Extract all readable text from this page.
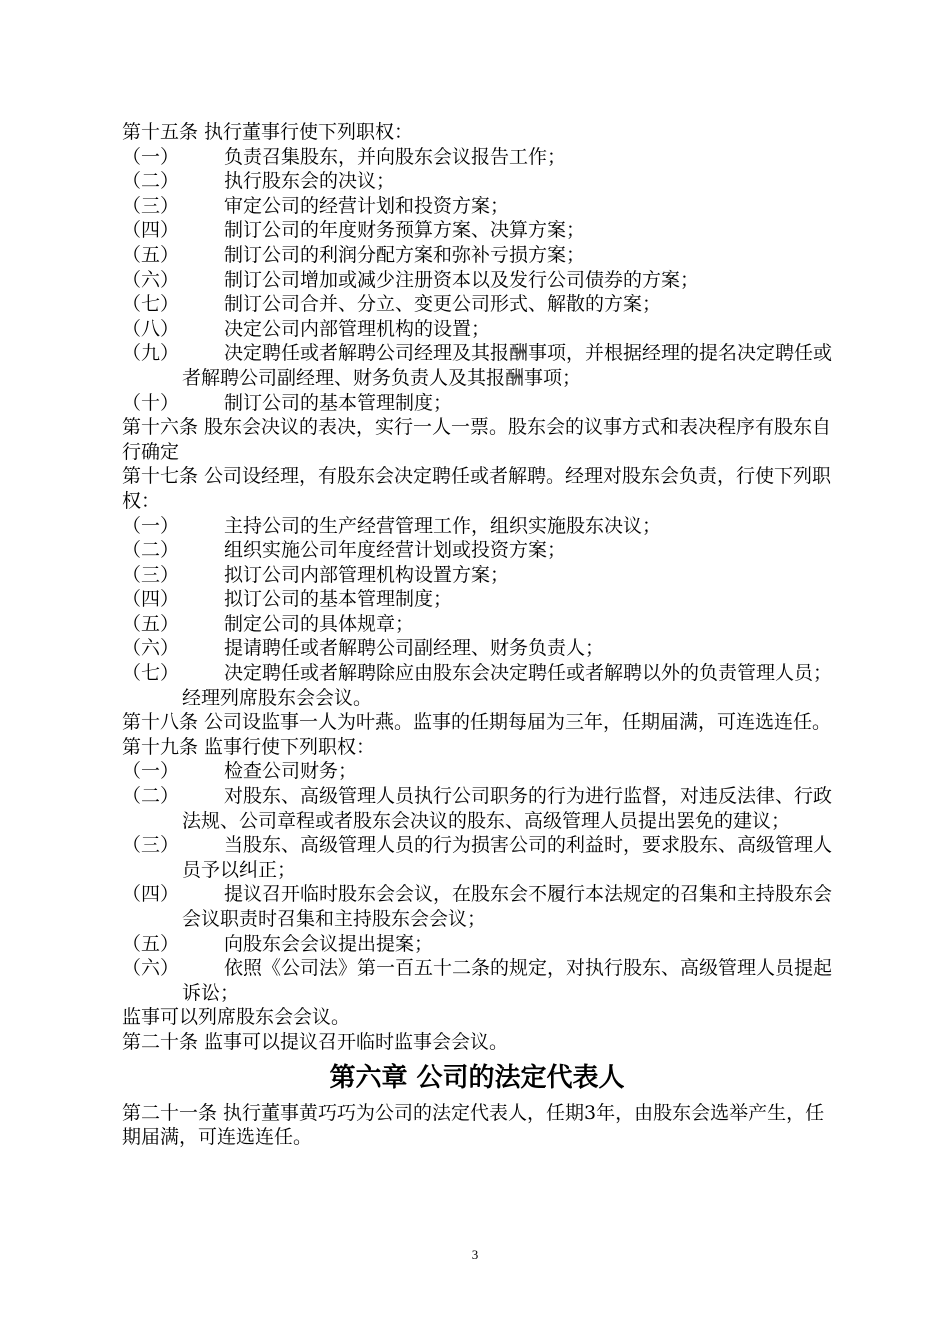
第十五条 执行董事行使下列职权：
（一）	负责召集股东，并向股东会议报告工作；
（二）	执行股东会的决议；
（三）	审定公司的经营计划和投资方案；
（四）	制订公司的年度财务预算方案、决算方案；
（五）	制订公司的利润分配方案和弥补亏损方案；
（六）	制订公司增加或减少注册资本以及发行公司债券的方案；
（七）	制订公司合并、分立、变更公司形式、解散的方案；
（八）	决定公司内部管理机构的设置；
（九）	决定聘任或者解聘公司经理及其报酬事项，并根据经理的提名决定聘任或者解聘公司副经理、财务负责人及其报酬事项；
（十）	制订公司的基本管理制度；
第十六条 股东会决议的表决，实行一人一票。股东会的议事方式和表决程序有股东自行确定
第十七条 公司设经理，有股东会决定聘任或者解聘。经理对股东会负责，行使下列职权：
（一）	主持公司的生产经营管理工作，组织实施股东决议；
（二）	组织实施公司年度经营计划或投资方案；
（三）	拟订公司内部管理机构设置方案；
（四）	拟订公司的基本管理制度；
（五）	制定公司的具体规章；
（六）	提请聘任或者解聘公司副经理、财务负责人；
（七）	决定聘任或者解聘除应由股东会决定聘任或者解聘以外的负责管理人员；经理列席股东会会议。
第十八条 公司设监事一人为叶燕。监事的任期每届为三年，任期届满，可连选连任。
第十九条 监事行使下列职权：
（一）	检查公司财务；
（二）	对股东、高级管理人员执行公司职务的行为进行监督，对违反法律、行政法规、公司章程或者股东会决议的股东、高级管理人员提出罢免的建议；
（三）	当股东、高级管理人员的行为损害公司的利益时，要求股东、高级管理人员予以纠正；
（四）	提议召开临时股东会会议，在股东会不履行本法规定的召集和主持股东会会议职责时召集和主持股东会会议；
（五）	向股东会会议提出提案；
（六）	依照《公司法》第一百五十二条的规定，对执行股东、高级管理人员提起诉讼；
监事可以列席股东会会议。
第二十条 监事可以提议召开临时监事会会议。
第六章 公司的法定代表人
第二十一条 执行董事黄巧巧为公司的法定代表人，任期3年，由股东会选举产生，任期届满，可连选连任。
3
